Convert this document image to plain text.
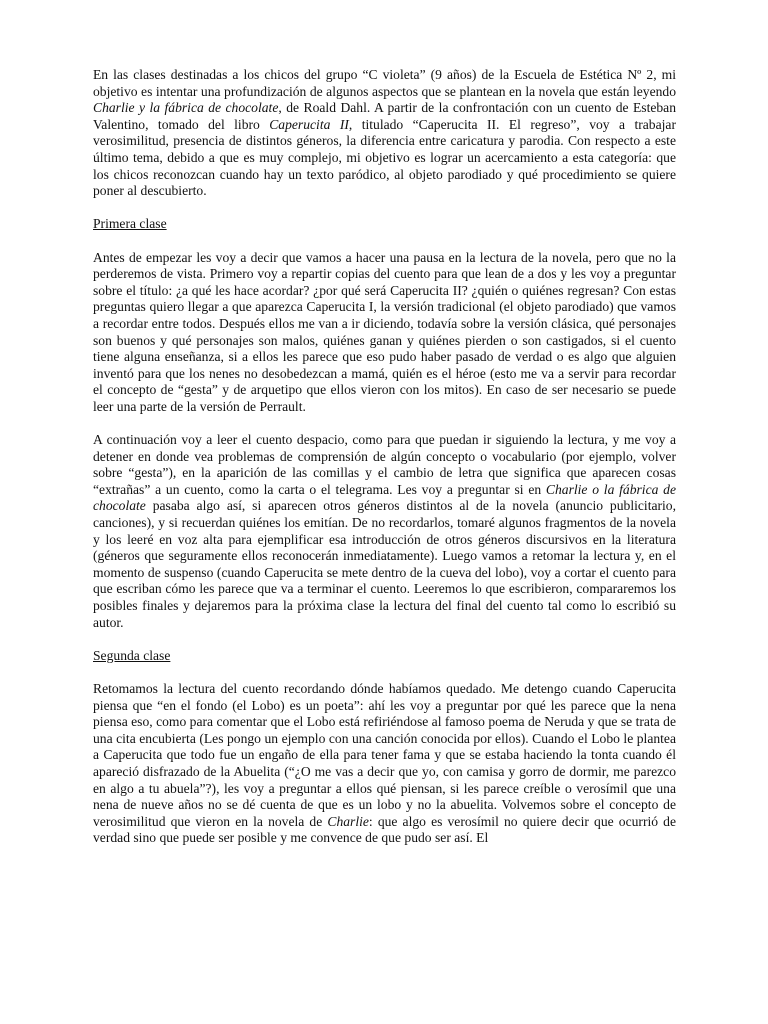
En las clases destinadas a los chicos del grupo “C violeta” (9 años) de la Escuela de Estética Nº 2, mi objetivo es intentar una profundización de algunos aspectos que se plantean en la novela que están leyendo Charlie y la fábrica de chocolate, de Roald Dahl. A partir de la confrontación con un cuento de Esteban Valentino, tomado del libro Caperucita II, titulado “Caperucita II. El regreso”, voy a trabajar verosimilitud, presencia de distintos géneros, la diferencia entre caricatura y parodia. Con respecto a este último tema, debido a que es muy complejo, mi objetivo es lograr un acercamiento a esta categoría: que los chicos reconozcan cuando hay un texto paródico, al objeto parodiado y qué procedimiento se quiere poner al descubierto.

Primera clase

Antes de empezar les voy a decir que vamos a hacer una pausa en la lectura de la novela, pero que no la perderemos de vista. Primero voy a repartir copias del cuento para que lean de a dos y les voy a preguntar sobre el título: ¿a qué les hace acordar? ¿por qué será Caperucita II? ¿quién o quiénes regresan? Con estas preguntas quiero llegar a que aparezca Caperucita I, la versión tradicional (el objeto parodiado) que vamos a recordar entre todos. Después ellos me van a ir diciendo, todavía sobre la versión clásica, qué personajes son buenos y qué personajes son malos, quiénes ganan y quiénes pierden o son castigados, si el cuento tiene alguna enseñanza, si a ellos les parece que eso pudo haber pasado de verdad o es algo que alguien inventó para que los nenes no desobedezcan a mamá, quién es el héroe (esto me va a servir para recordar el concepto de “gesta” y de arquetipo que ellos vieron con los mitos). En caso de ser necesario se puede leer una parte de la versión de Perrault.

A continuación voy a leer el cuento despacio, como para que puedan ir siguiendo la lectura, y me voy a detener en donde vea problemas de comprensión de algún concepto o vocabulario (por ejemplo, volver sobre “gesta”), en la aparición de las comillas y el cambio de letra que significa que aparecen cosas “extrañas” a un cuento, como la carta o el telegrama. Les voy a preguntar si en Charlie o la fábrica de chocolate pasaba algo así, si aparecen otros géneros distintos al de la novela (anuncio publicitario, canciones), y si recuerdan quiénes los emitían. De no recordarlos, tomaré algunos fragmentos de la novela y los leeré en voz alta para ejemplificar esa introducción de otros géneros discursivos en la literatura (géneros que seguramente ellos reconocerán inmediatamente). Luego vamos a retomar la lectura y, en el momento de suspenso (cuando Caperucita se mete dentro de la cueva del lobo), voy a cortar el cuento para que escriban cómo les parece que va a terminar el cuento. Leeremos lo que escribieron, compararemos los posibles finales y dejaremos para la próxima clase la lectura del final del cuento tal como lo escribió su autor.

Segunda clase

Retomamos la lectura del cuento recordando dónde habíamos quedado. Me detengo cuando Caperucita piensa que “en el fondo (el Lobo) es un poeta”: ahí les voy a preguntar por qué les parece que la nena piensa eso, como para comentar que el Lobo está refiriéndose al famoso poema de Neruda y que se trata de una cita encubierta (Les pongo un ejemplo con una canción conocida por ellos). Cuando el Lobo le plantea a Caperucita que todo fue un engaño de ella para tener fama y que se estaba haciendo la tonta cuando él apareció disfrazado de la Abuelita (“¿O me vas a decir que yo, con camisa y gorro de dormir, me parezco en algo a tu abuela”?), les voy a preguntar a ellos qué piensan, si les parece creíble o verosímil que una nena de nueve años no se dé cuenta de que es un lobo y no la abuelita. Volvemos sobre el concepto de verosimilitud que vieron en la novela de Charlie: que algo es verosímil no quiere decir que ocurrió de verdad sino que puede ser posible y me convence de que pudo ser así. El
